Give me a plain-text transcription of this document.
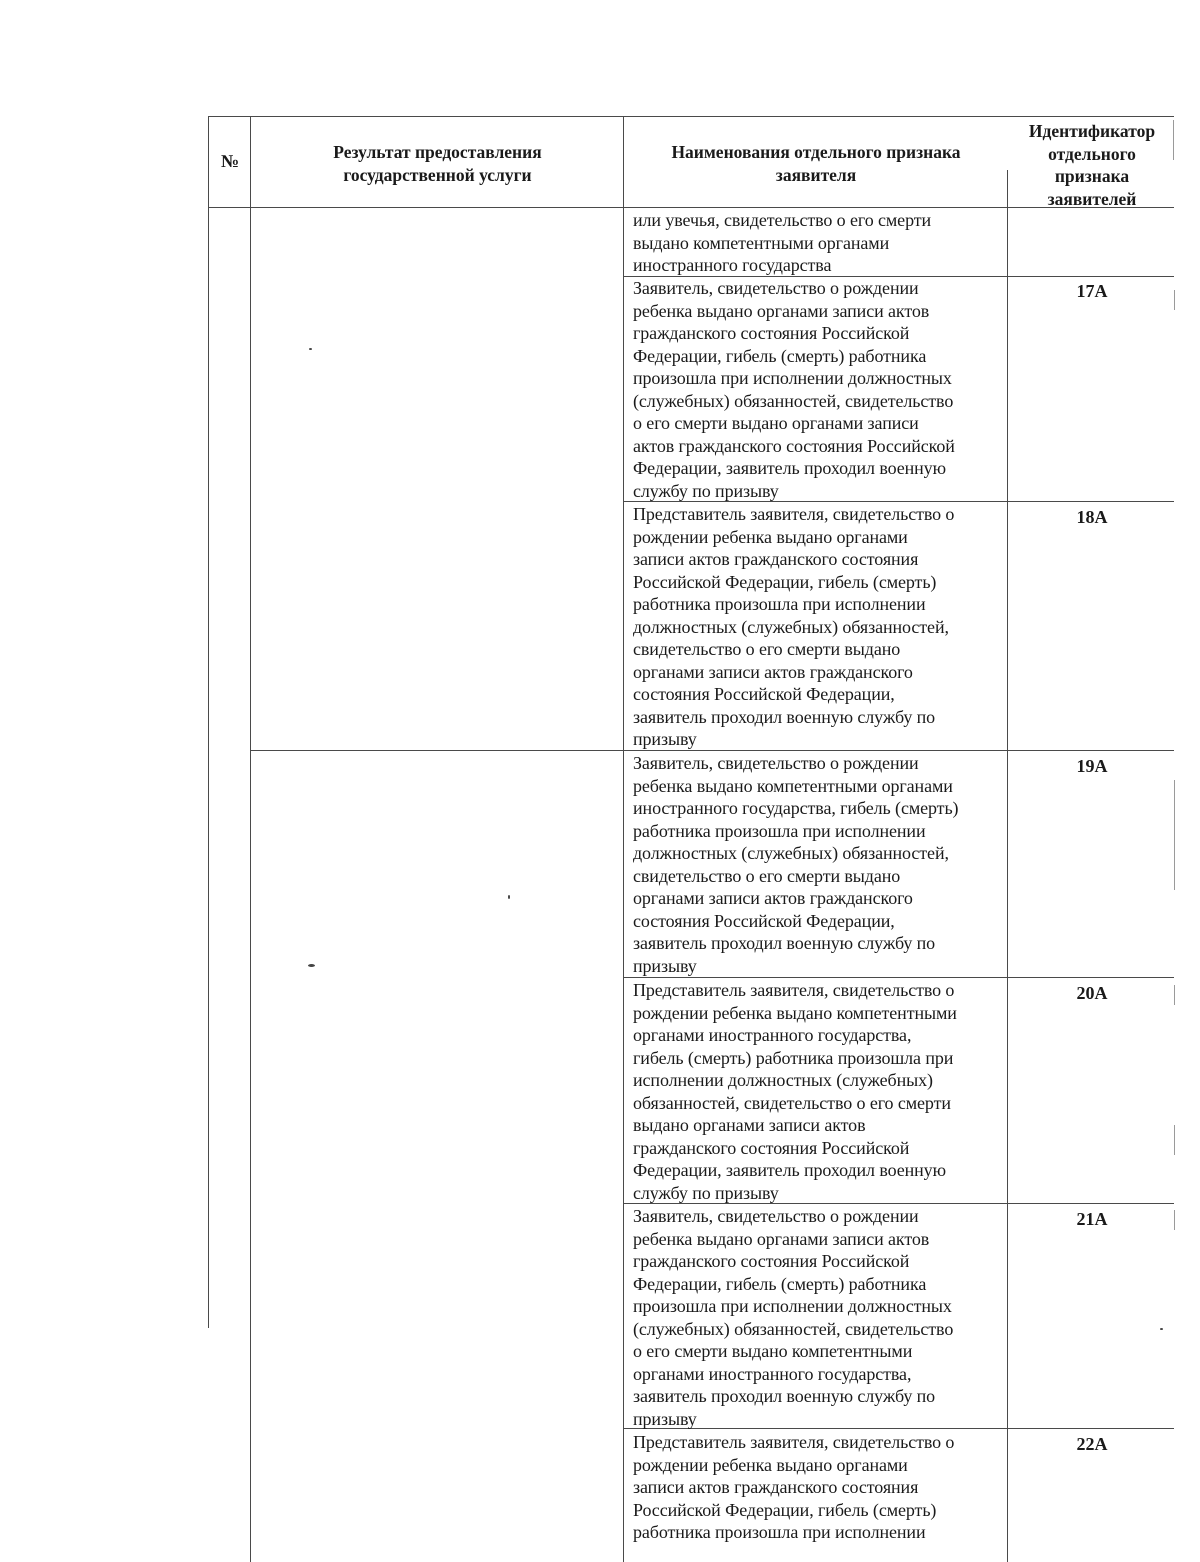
№	Результат предоставления государственной услуги
Наименования отдельного признака заявителя
Идентификатор отдельного признака заявителей
или увечья, свидетельство о его смерти
выдано компетентными органами
иностранного государства
Заявитель, свидетельство о рождении
ребенка выдано органами записи актов
гражданского состояния Российской
Федерации, гибель (смерть) работника
произошла при исполнении должностных
(служебных) обязанностей, свидетельство
о его смерти выдано органами записи
актов гражданского состояния Российской
Федерации, заявитель проходил военную
службу по призыву
17А
Представитель заявителя, свидетельство о
рождении ребенка выдано органами
записи актов гражданского состояния
Российской Федерации, гибель (смерть)
работника произошла при исполнении
должностных (служебных) обязанностей,
свидетельство о его смерти выдано
органами записи актов гражданского
состояния Российской Федерации,
заявитель проходил военную службу по
призыву
18А
Заявитель, свидетельство о рождении
ребенка выдано компетентными органами
иностранного государства, гибель (смерть)
работника произошла при исполнении
должностных (служебных) обязанностей,
свидетельство о его смерти выдано
органами записи актов гражданского
состояния Российской Федерации,
заявитель проходил военную службу по
призыву
19А
Представитель заявителя, свидетельство о
рождении ребенка выдано компетентными
органами иностранного государства,
гибель (смерть) работника произошла при
исполнении должностных (служебных)
обязанностей, свидетельство о его смерти
выдано органами записи актов
гражданского состояния Российской
Федерации, заявитель проходил военную
службу по призыву
20А
Заявитель, свидетельство о рождении
ребенка выдано органами записи актов
гражданского состояния Российской
Федерации, гибель (смерть) работника
произошла при исполнении должностных
(служебных) обязанностей, свидетельство
о его смерти выдано компетентными
органами иностранного государства,
заявитель проходил военную службу по
призыву
21А
Представитель заявителя, свидетельство о
рождении ребенка выдано органами
записи актов гражданского состояния
Российской Федерации, гибель (смерть)
работника произошла при исполнении
22А
